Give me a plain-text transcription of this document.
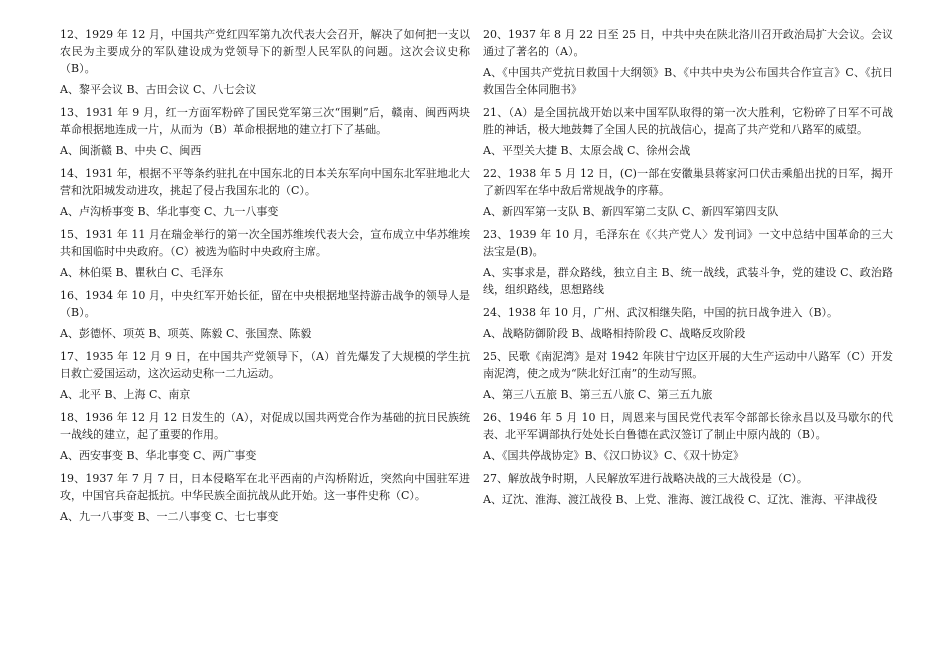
12、1929 年 12 月，中国共产党红四军第九次代表大会召开，解决了如何把一支以农民为主要成分的军队建设成为党领导下的新型人民军队的问题。这次会议史称（B）。

A、黎平会议 B、古田会议 C、八七会议

13、1931 年 9 月，红一方面军粉碎了国民党军第三次“围剿”后，赣南、闽西两块革命根据地连成一片，从而为（B）革命根据地的建立打下了基础。

A、闽浙赣 B、中央 C、闽西

14、1931 年，根据不平等条约驻扎在中国东北的日本关东军向中国东北军驻地北大营和沈阳城发动进攻，挑起了侵占我国东北的（C）。

A、卢沟桥事变 B、华北事变 C、九一八事变

15、1931 年 11 月在瑞金举行的第一次全国苏维埃代表大会，宣布成立中华苏维埃共和国临时中央政府。（C）被选为临时中央政府主席。

A、林伯渠 B、瞿秋白 C、毛泽东

16、1934 年 10 月，中央红军开始长征，留在中央根据地坚持游击战争的领导人是（B）。

A、彭德怀、项英 B、项英、陈毅 C、张国焘、陈毅

17、1935 年 12 月 9 日，在中国共产党领导下，（A）首先爆发了大规模的学生抗日救亡爱国运动，这次运动史称一二九运动。

A、北平 B、上海 C、南京

18、1936 年 12 月 12 日发生的（A），对促成以国共两党合作为基础的抗日民族统一战线的建立，起了重要的作用。

A、西安事变 B、华北事变 C、两广事变

19、1937 年 7 月 7 日，日本侵略军在北平西南的卢沟桥附近，突然向中国驻军进攻，中国官兵奋起抵抗。中华民族全面抗战从此开始。这一事件史称（C）。

A、九一八事变 B、一二八事变 C、七七事变

20、1937 年 8 月 22 日至 25 日，中共中央在陕北洛川召开政治局扩大会议。会议通过了著名的（A）。

A、《中国共产党抗日救国十大纲领》B、《中共中央为公布国共合作宣言》C、《抗日救国告全体同胞书》

21、（A）是全国抗战开始以来中国军队取得的第一次大胜利，它粉碎了日军不可战胜的神话，极大地鼓舞了全国人民的抗战信心，提高了共产党和八路军的威望。

A、平型关大捷 B、太原会战 C、徐州会战

22、1938 年 5 月 12 日，(C)一部在安徽巢县蒋家河口伏击乘船出扰的日军，揭开了新四军在华中敌后常规战争的序幕。

A、新四军第一支队 B、新四军第二支队 C、新四军第四支队

23、1939 年 10 月，毛泽东在《〈共产党人〉发刊词》一文中总结中国革命的三大法宝是(B)。

A、实事求是，群众路线，独立自主 B、统一战线，武装斗争，党的建设 C、政治路线，组织路线，思想路线

24、1938 年 10 月，广州、武汉相继失陷，中国的抗日战争进入（B）。

A、战略防御阶段 B、战略相持阶段 C、战略反攻阶段

25、民歌《南泥湾》是对 1942 年陕甘宁边区开展的大生产运动中八路军（C）开发南泥湾，使之成为“陕北好江南”的生动写照。

A、第三八五旅 B、第三五八旅 C、第三五九旅

26、1946 年 5 月 10 日，周恩来与国民党代表军令部部长徐永昌以及马歇尔的代表、北平军调部执行处处长白鲁德在武汉签订了制止中原内战的（B）。

A、《国共停战协定》B、《汉口协议》C、《双十协定》

27、解放战争时期，人民解放军进行战略决战的三大战役是（C）。

A、辽沈、淮海、渡江战役 B、上党、淮海、渡江战役 C、辽沈、淮海、平津战役
